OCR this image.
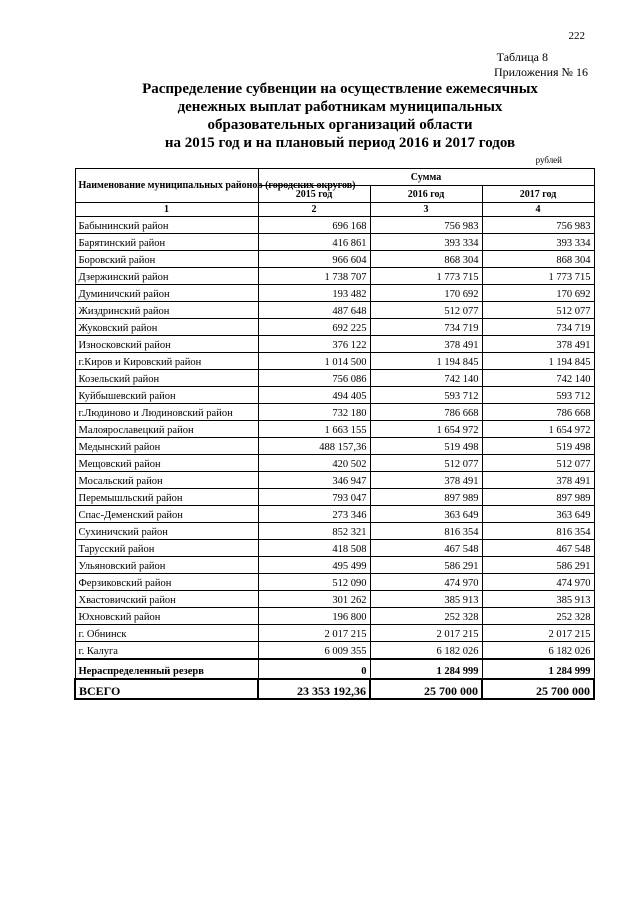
222
Таблица 8
Приложения № 16
Распределение субвенции на осуществление ежемесячных
денежных выплат работникам муниципальных
образовательных организаций области
на 2015 год и на плановый период 2016 и 2017 годов
рублей
Наименование муниципальных районов (городских округов)	Сумма		
	2015 год	2016 год	2017 год
1	2	3	4
Бабынинский район	696 168	756 983	756 983
Барятинский район	416 861	393 334	393 334
Боровский район	966 604	868 304	868 304
Дзержинский район	1 738 707	1 773 715	1 773 715
Думиничский район	193 482	170 692	170 692
Жиздринский район	487 648	512 077	512 077
Жуковский район	692 225	734 719	734 719
Износковский район	376 122	378 491	378 491
г.Киров и Кировский район	1 014 500	1 194 845	1 194 845
Козельский район	756 086	742 140	742 140
Куйбышевский район	494 405	593 712	593 712
г.Людиново и Людиновский район	732 180	786 668	786 668
Малоярославецкий район	1 663 155	1 654 972	1 654 972
Медынский район	488 157,36	519 498	519 498
Мещовский район	420 502	512 077	512 077
Мосальский район	346 947	378 491	378 491
Перемышльский район	793 047	897 989	897 989
Спас-Деменский район	273 346	363 649	363 649
Сухиничский район	852 321	816 354	816 354
Тарусский район	418 508	467 548	467 548
Ульяновский район	495 499	586 291	586 291
Ферзиковский район	512 090	474 970	474 970
Хвастовичский район	301 262	385 913	385 913
Юхновский район	196 800	252 328	252 328
г. Обнинск	2 017 215	2 017 215	2 017 215
г. Калуга	6 009 355	6 182 026	6 182 026
Нераспределенный резерв	0	1 284 999	1 284 999
ВСЕГО	23 353 192,36	25 700 000	25 700 000
